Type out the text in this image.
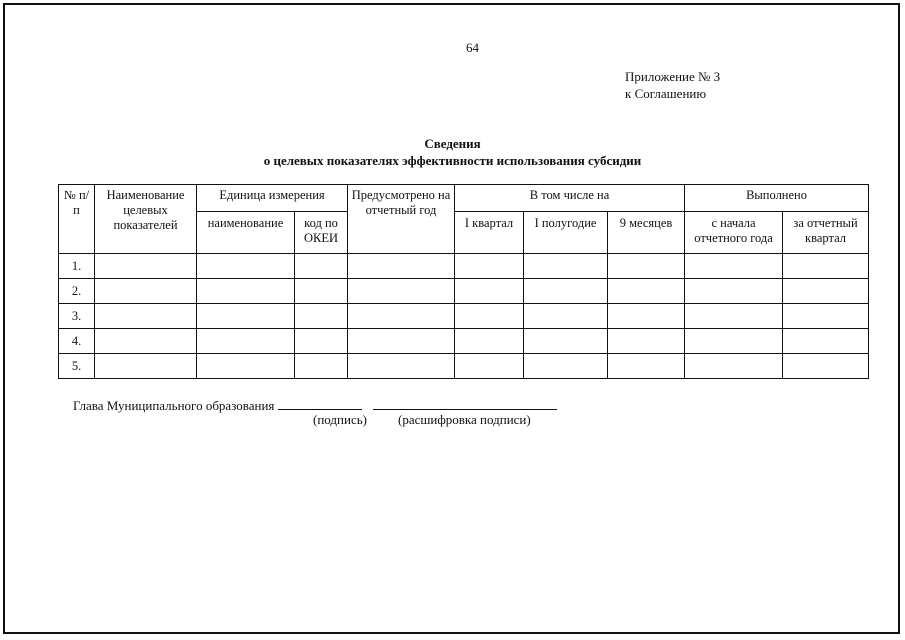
64
Приложение № 3
к Соглашению
Сведения
о целевых показателях эффективности использования субсидии
№ п/п	Наименование целевых показателей	Единица измерения		Предусмотрено на отчетный год	В том числе на			Выполнено	
		наименование	код по ОКЕИ		I квартал	I полугодие	9 месяцев	с начала отчетного года	за отчетный квартал
1.									
2.									
3.									
4.									
5.									
Глава Муниципального образования
(подпись) (расшифровка подписи)
